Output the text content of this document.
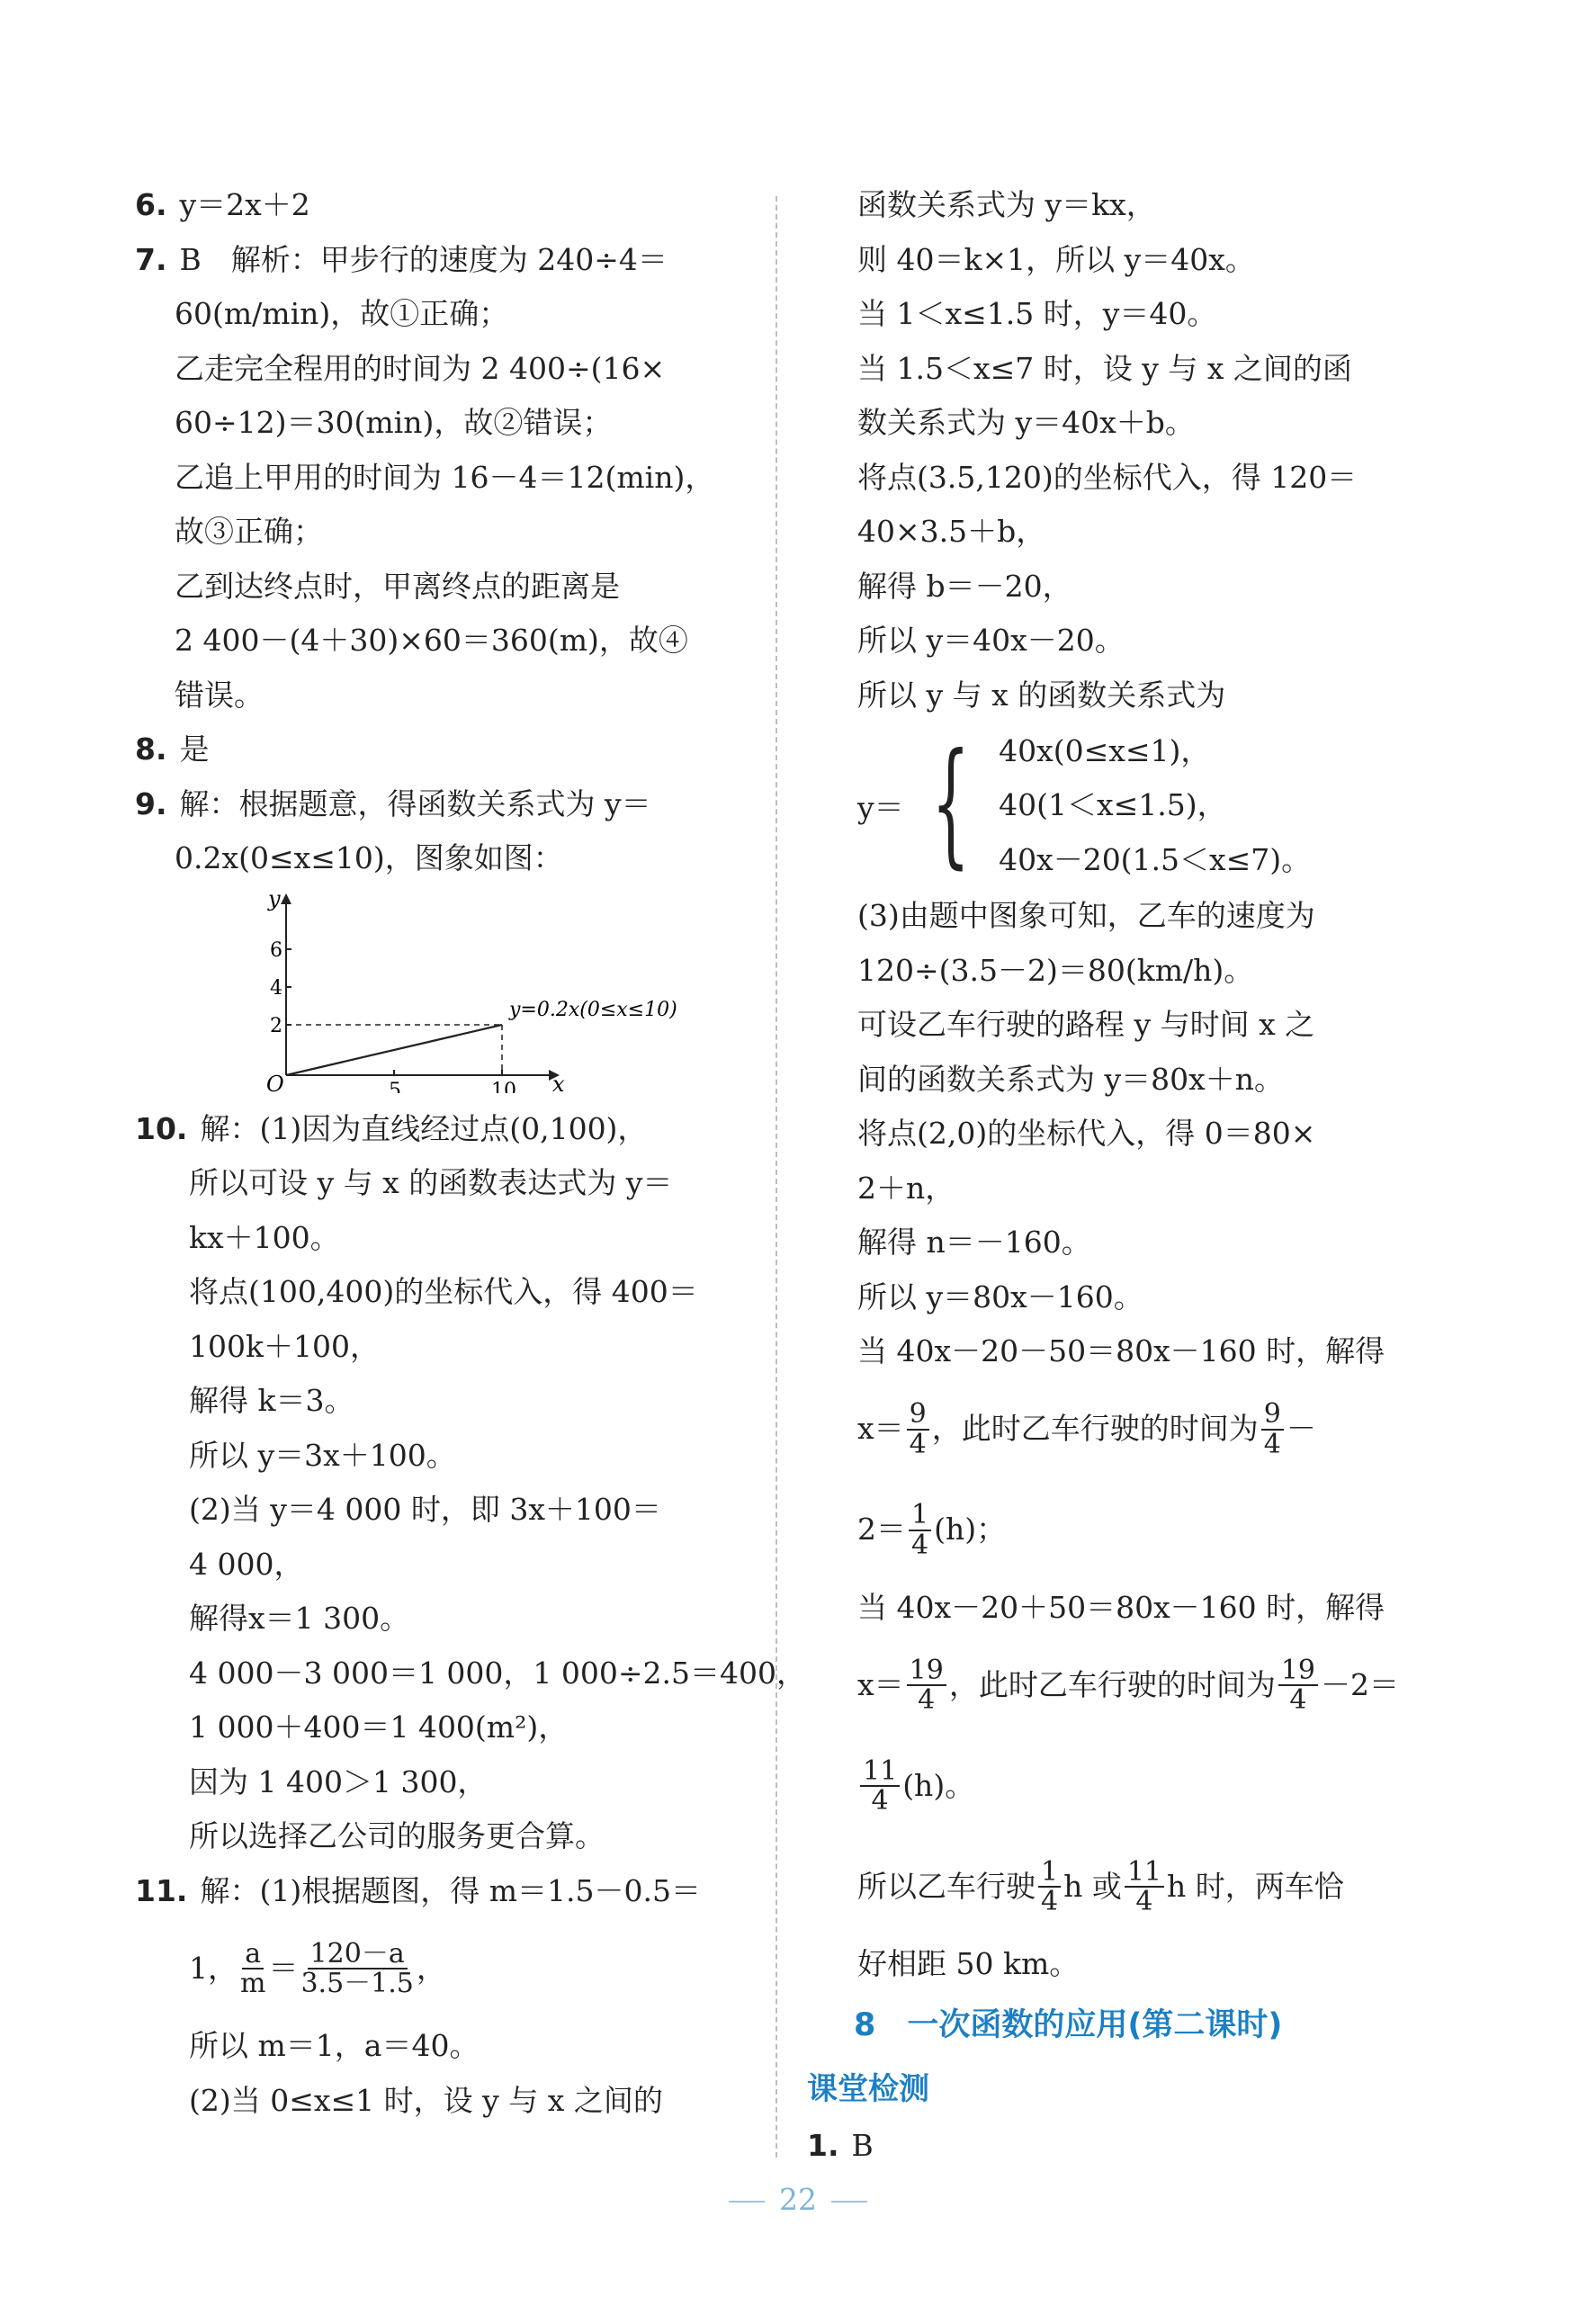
6. y＝2x＋2
7. B　解析：甲步行的速度为 240÷4＝
60(m/min)，故①正确；
乙走完全程用的时间为 2 400÷(16×
60÷12)＝30(min)，故②错误；
乙追上甲用的时间为 16－4＝12(min)，
故③正确；
乙到达终点时，甲离终点的距离是
2 400－(4＋30)×60＝360(m)，故④
错误。
8. 是
9. 解：根据题意，得函数关系式为 y＝
0.2x(0≤x≤10)，图象如图：
y
x
O
6
4
2
5	10
y=0.2x(0≤x≤10)
10. 解：(1)因为直线经过点(0,100)，
所以可设 y 与 x 的函数表达式为 y＝
kx＋100。
将点(100,400)的坐标代入，得 400＝
100k＋100，
解得 k＝3。
所以 y＝3x＋100。
(2)当 y＝4 000 时，即 3x＋100＝
4 000，
解得x＝1 300。
4 000－3 000＝1 000，1 000÷2.5＝400，
1 000＋400＝1 400(m²)，
因为 1 400＞1 300，
所以选择乙公司的服务更合算。
11. 解：(1)根据题图，得 m＝1.5－0.5＝
1， $\frac{a}{m} = \frac{120-a}{3.5-1.5}$ ，
所以 m＝1，a＝40。
(2)当 0≤x≤1 时，设 y 与 x 之间的
函数关系式为 y＝kx，
则 40＝k×1，所以 y＝40x。
当 1＜x≤1.5 时，y＝40。
当 1.5＜x≤7 时，设 y 与 x 之间的函
数关系式为 y＝40x＋b。
将点(3.5,120)的坐标代入，得 120＝
40×3.5＋b，
解得 b＝－20，
所以 y＝40x－20。
所以 y 与 x 的函数关系式为
y＝ { 40x(0≤x≤1)，
40(1＜x≤1.5)，
40x－20(1.5＜x≤7)。
(3)由题中图象可知，乙车的速度为
120÷(3.5－2)＝80(km/h)。
可设乙车行驶的路程 y 与时间 x 之
间的函数关系式为 y＝80x＋n。
将点(2,0)的坐标代入，得 0＝80×
2＋n，
解得 n＝－160。
所以 y＝80x－160。
当 40x－20－50＝80x－160 时，解得
$x= \frac{9}{4}$ ，此时乙车行驶的时间为 $\frac{9}{4}$ －
$2= \frac{1}{4} (h)$；
当 40x－20＋50＝80x－160 时，解得
$x= \frac{19}{4}$ ，此时乙车行驶的时间为 $\frac{19}{4} -2=$
$\frac{11}{4} (h)$。
所以乙车行驶 $\frac{1}{4}$ h 或 $\frac{11}{4}$ h 时，两车恰
好相距 50 km。
8　一次函数的应用(第二课时)
课堂检测
1. B
22
